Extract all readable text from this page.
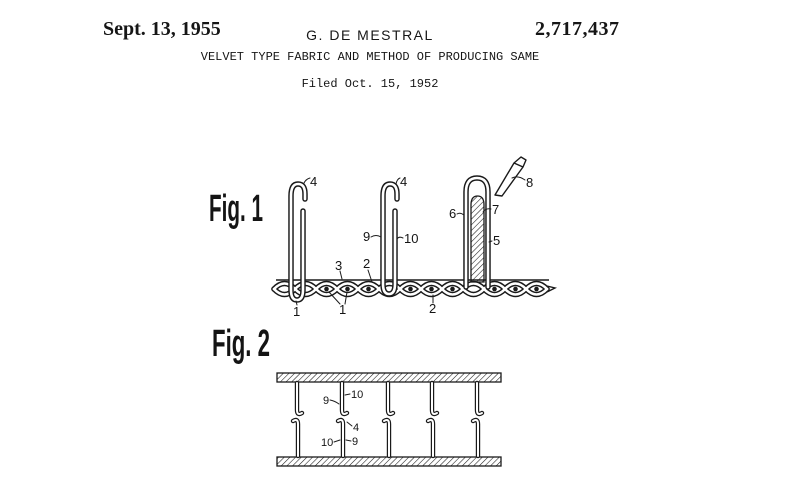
Sept. 13, 1955	G. DE MESTRAL	2,717,437
VELVET TYPE FABRIC AND METHOD OF PRODUCING SAME
Filed Oct. 15, 1952
Fig. 1
4	4	8
6	7
9	10	5
3 2
1	1	2
Fig. 2
9 10
4
10 9
